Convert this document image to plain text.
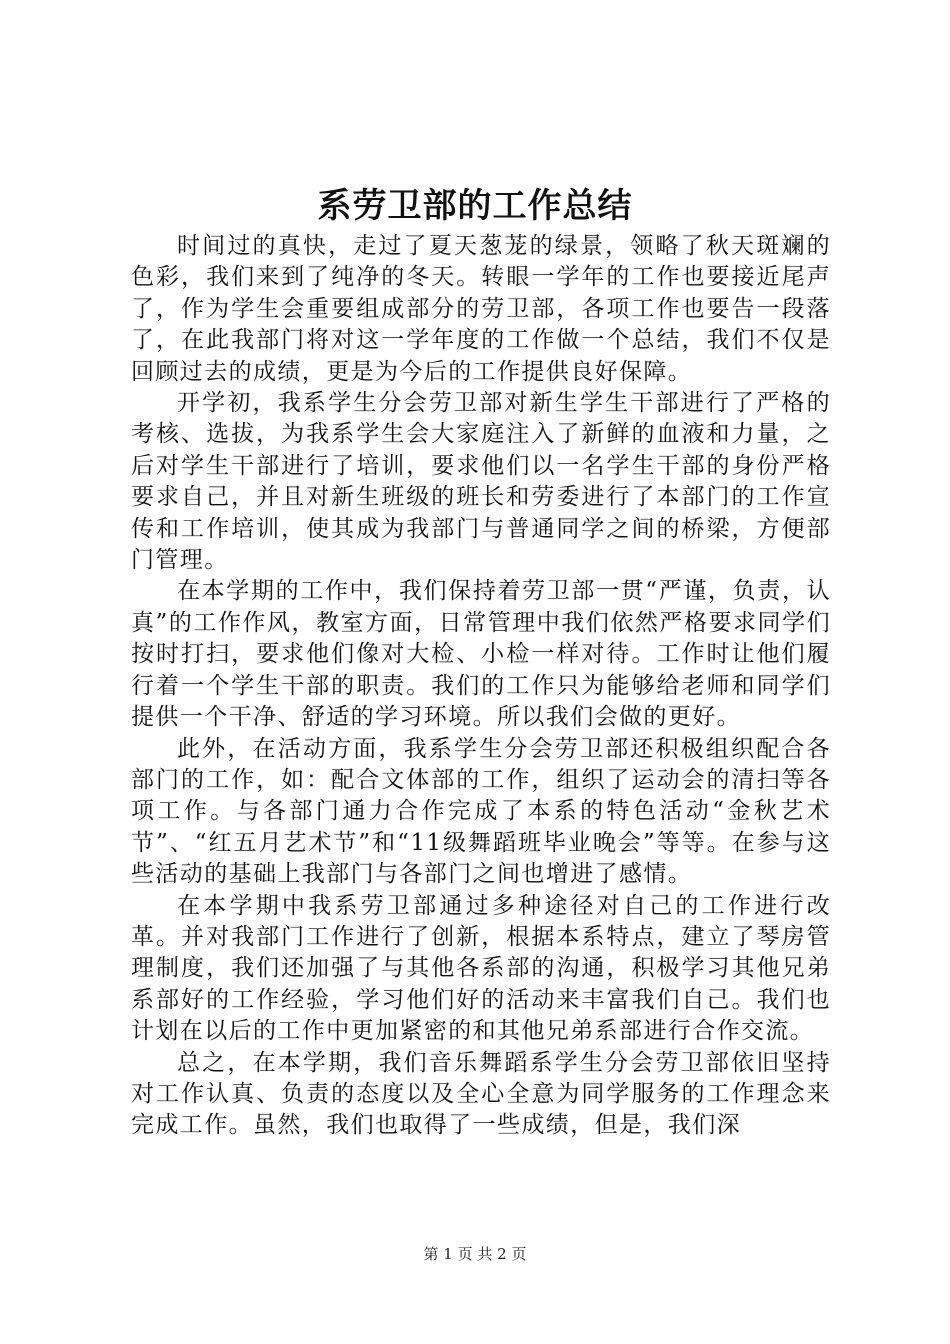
系劳卫部的工作总结

时间过的真快，走过了夏天葱茏的绿景，领略了秋天斑斓的色彩，我们来到了纯净的冬天。转眼一学年的工作也要接近尾声了，作为学生会重要组成部分的劳卫部，各项工作也要告一段落了，在此我部门将对这一学年度的工作做一个总结，我们不仅是回顾过去的成绩，更是为今后的工作提供良好保障。

开学初，我系学生分会劳卫部对新生学生干部进行了严格的考核、选拔，为我系学生会大家庭注入了新鲜的血液和力量，之后对学生干部进行了培训，要求他们以一名学生干部的身份严格要求自己，并且对新生班级的班长和劳委进行了本部门的工作宣传和工作培训，使其成为我部门与普通同学之间的桥梁，方便部门管理。

在本学期的工作中，我们保持着劳卫部一贯“严谨，负责，认真”的工作作风，教室方面，日常管理中我们依然严格要求同学们按时打扫，要求他们像对大检、小检一样对待。工作时让他们履行着一个学生干部的职责。我们的工作只为能够给老师和同学们提供一个干净、舒适的学习环境。所以我们会做的更好。

此外，在活动方面，我系学生分会劳卫部还积极组织配合各部门的工作，如：配合文体部的工作，组织了运动会的清扫等各项工作。与各部门通力合作完成了本系的特色活动“金秋艺术节”、“红五月艺术节”和“11级舞蹈班毕业晚会”等等。在参与这些活动的基础上我部门与各部门之间也增进了感情。

在本学期中我系劳卫部通过多种途径对自己的工作进行改革。并对我部门工作进行了创新，根据本系特点，建立了琴房管理制度，我们还加强了与其他各系部的沟通，积极学习其他兄弟系部好的工作经验，学习他们好的活动来丰富我们自己。我们也计划在以后的工作中更加紧密的和其他兄弟系部进行合作交流。

总之，在本学期，我们音乐舞蹈系学生分会劳卫部依旧坚持对工作认真、负责的态度以及全心全意为同学服务的工作理念来完成工作。虽然，我们也取得了一些成绩，但是，我们深

第 1 页 共 2 页
